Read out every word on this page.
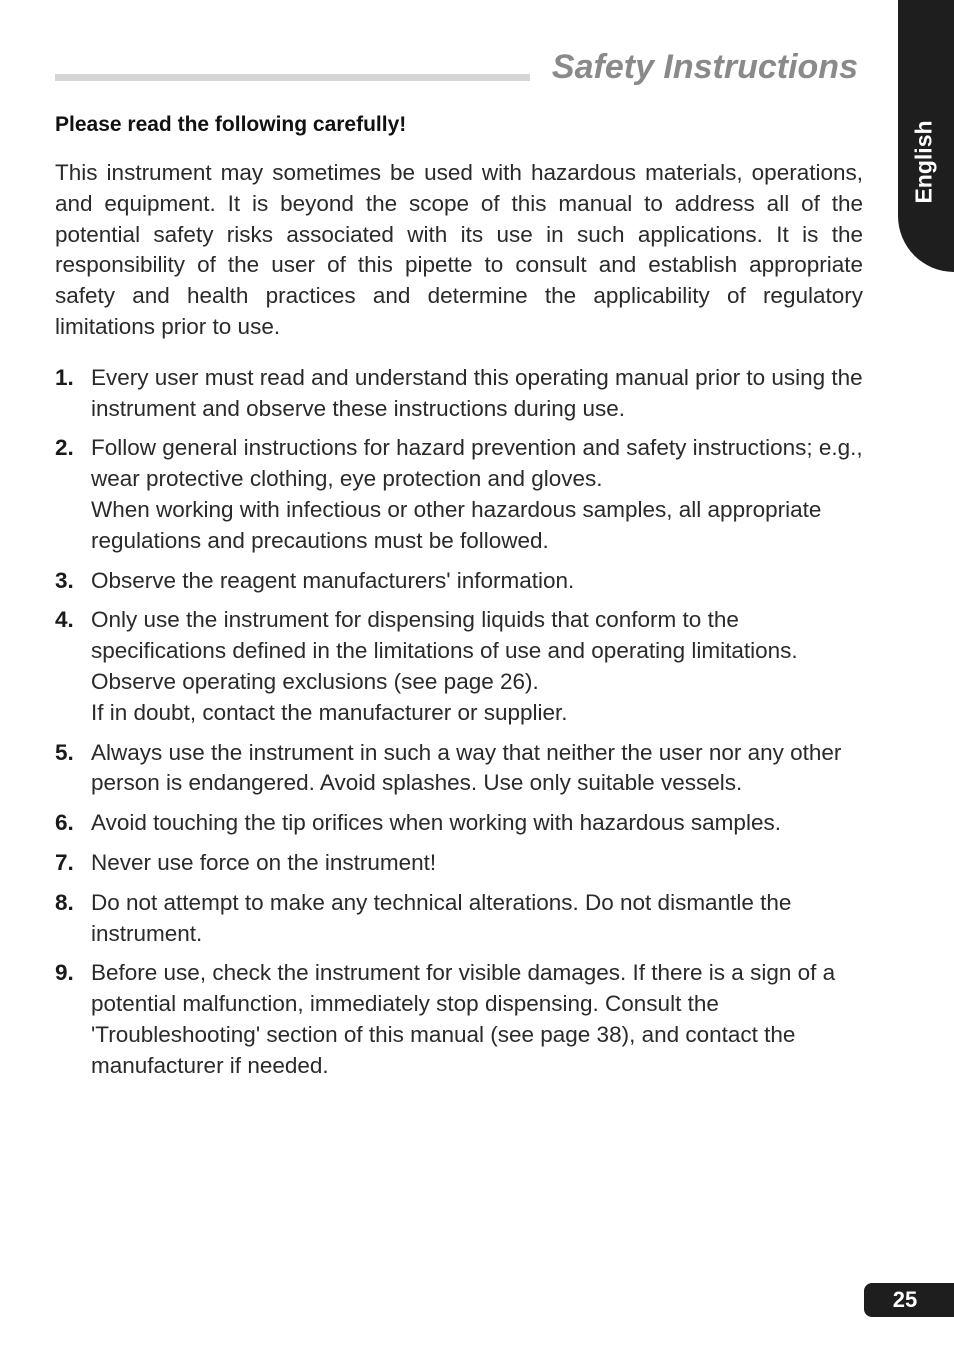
Safety Instructions
English
Please read the following carefully!

This instrument may sometimes be used with hazardous materials, operations, and equipment. It is beyond the scope of this manual to address all of the potential safety risks associated with its use in such applications. It is the responsibility of the user of this pipette to consult and establish appropriate safety and health practices and determine the applicability of regulatory limitations prior to use.

1. Every user must read and understand this operating manual prior to using the instrument and observe these instructions during use.
2. Follow general instructions for hazard prevention and safety instructions; e.g., wear protective clothing, eye protection and gloves.
When working with infectious or other hazardous samples, all appropriate regulations and precautions must be followed.
3. Observe the reagent manufacturers' information.
4. Only use the instrument for dispensing liquids that conform to the specifications defined in the limitations of use and operating limitations. Observe operating exclusions (see page 26).
If in doubt, contact the manufacturer or supplier.
5. Always use the instrument in such a way that neither the user nor any other person is endangered. Avoid splashes. Use only suitable vessels.
6. Avoid touching the tip orifices when working with hazardous samples.
7. Never use force on the instrument!
8. Do not attempt to make any technical alterations. Do not dismantle the instrument.
9. Before use, check the instrument for visible damages. If there is a sign of a potential malfunction, immediately stop dispensing. Consult the 'Troubleshooting' section of this manual (see page 38), and contact the manufacturer if needed.
25
